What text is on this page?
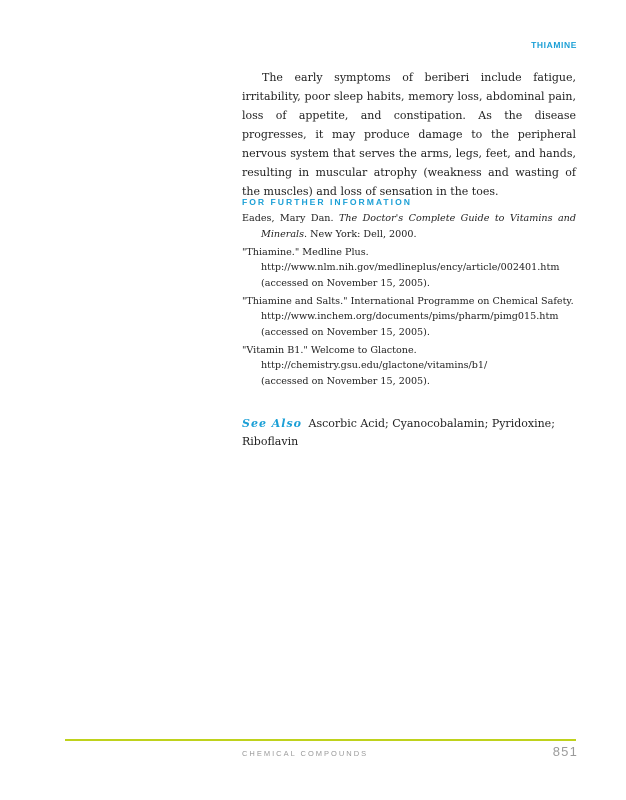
THIAMINE

The early symptoms of beriberi include fatigue, irritability, poor sleep habits, memory loss, abdominal pain, loss of appetite, and constipation. As the disease progresses, it may produce damage to the peripheral nervous system that serves the arms, legs, feet, and hands, resulting in muscular atrophy (weakness and wasting of the muscles) and loss of sensation in the toes.

FOR FURTHER INFORMATION
Eades, Mary Dan. The Doctor's Complete Guide to Vitamins and Minerals. New York: Dell, 2000.
"Thiamine." Medline Plus.
http://www.nlm.nih.gov/medlineplus/ency/article/002401.htm
(accessed on November 15, 2005).
"Thiamine and Salts." International Programme on Chemical Safety.
http://www.inchem.org/documents/pims/pharm/pimg015.htm
(accessed on November 15, 2005).
"Vitamin B1." Welcome to Glactone.
http://chemistry.gsu.edu/glactone/vitamins/b1/
(accessed on November 15, 2005).
See Also Ascorbic Acid; Cyanocobalamin; Pyridoxine; Riboflavin
CHEMICAL COMPOUNDS	851
